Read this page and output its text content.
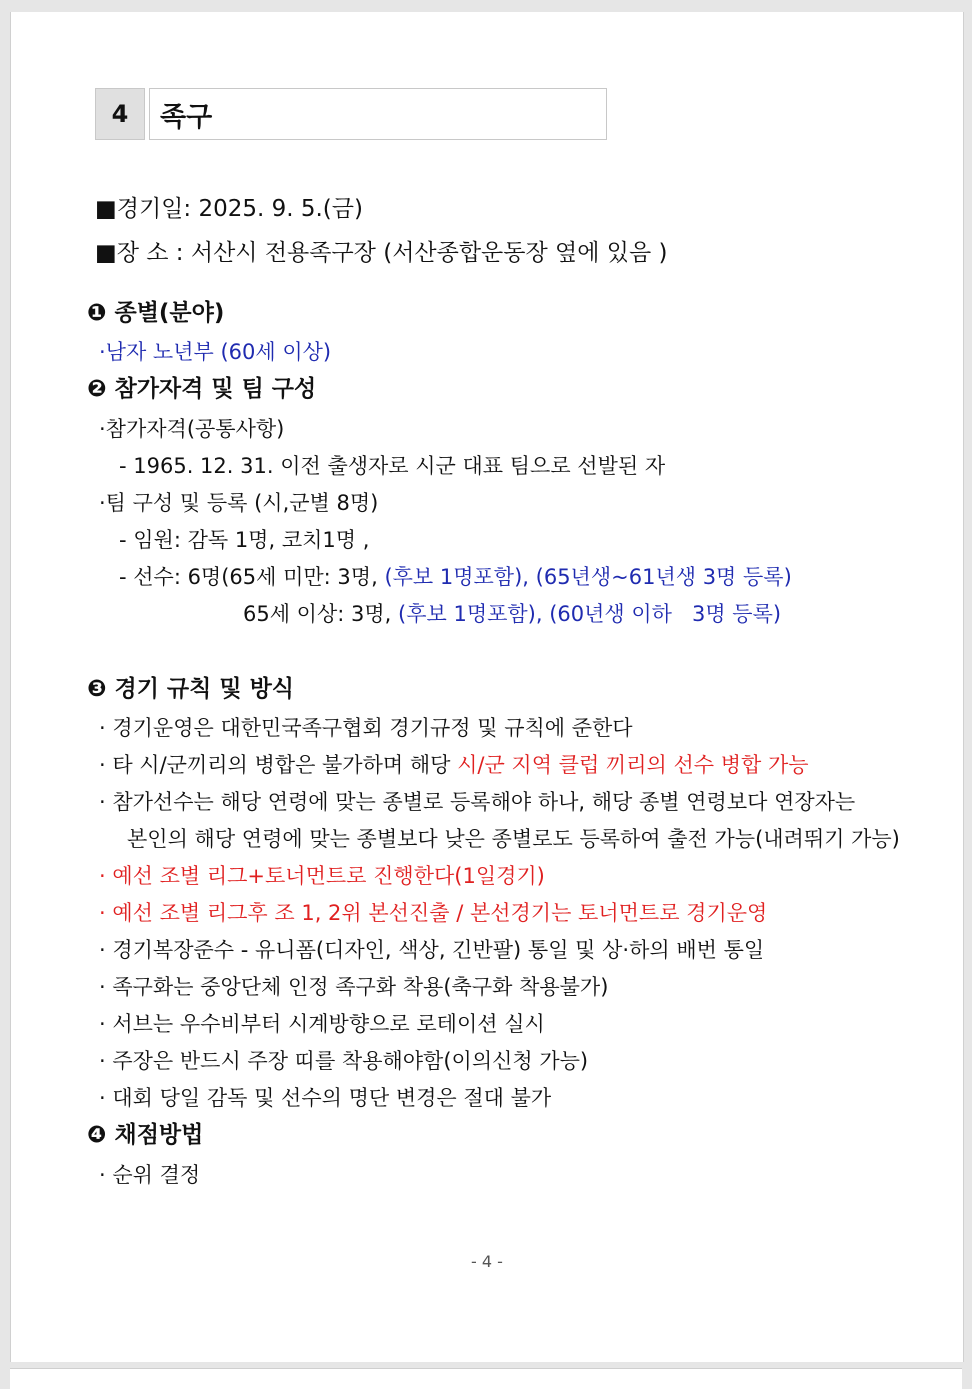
4	족구
■경기일: 2025. 9. 5.(금)
■장 소 : 서산시 전용족구장 (서산종합운동장 옆에 있음 )
❶ 종별(분야)
·남자 노년부 (60세 이상)
❷ 참가자격 및 팀 구성
·참가자격(공통사항)
- 1965. 12. 31. 이전 출생자로 시군 대표 팀으로 선발된 자
·팀 구성 및 등록 (시,군별 8명)
- 임원: 감독 1명, 코치1명 ,
- 선수: 6명(65세 미만: 3명, (후보 1명포함), (65년생~61년생 3명 등록)
65세 이상: 3명, (후보 1명포함), (60년생 이하   3명 등록)
❸ 경기 규칙 및 방식
· 경기운영은 대한민국족구협회 경기규정 및 규칙에 준한다
· 타 시/군끼리의 병합은 불가하며 해당 시/군 지역 클럽 끼리의 선수 병합 가능
· 참가선수는 해당 연령에 맞는 종별로 등록해야 하나, 해당 종별 연령보다 연장자는
본인의 해당 연령에 맞는 종별보다 낮은 종별로도 등록하여 출전 가능(내려뛰기 가능)
· 예선 조별 리그+토너먼트로 진행한다(1일경기)
· 예선 조별 리그후 조 1, 2위 본선진출 / 본선경기는 토너먼트로 경기운영
· 경기복장준수 - 유니폼(디자인, 색상, 긴반팔) 통일 및 상·하의 배번 통일
· 족구화는 중앙단체 인정 족구화 착용(축구화 착용불가)
· 서브는 우수비부터 시계방향으로 로테이션 실시
· 주장은 반드시 주장 띠를 착용해야함(이의신청 가능)
· 대회 당일 감독 및 선수의 명단 변경은 절대 불가
❹ 채점방법
· 순위 결정
- 4 -
